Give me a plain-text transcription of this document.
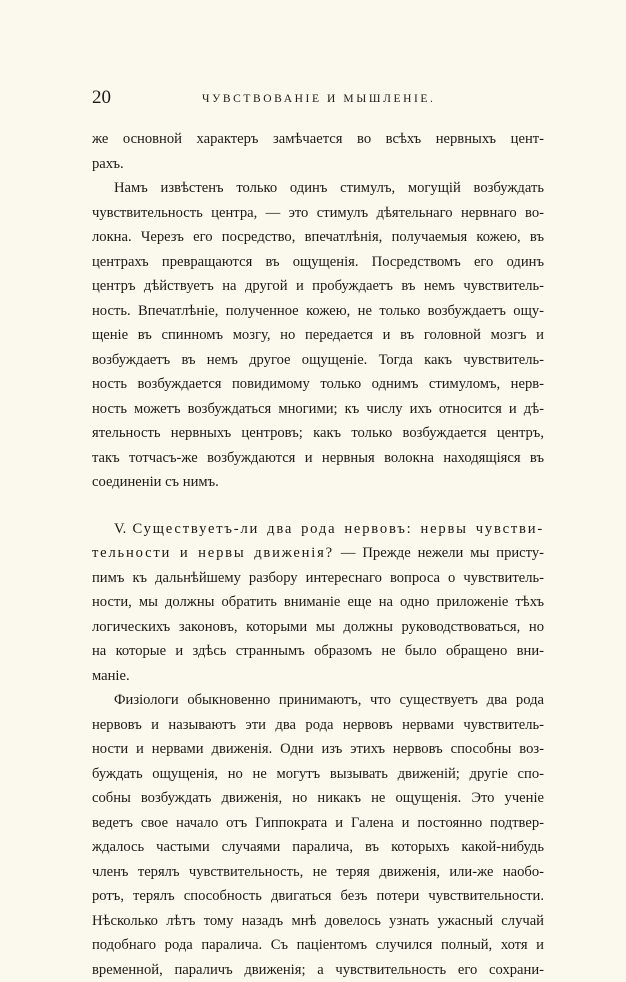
20	ЧУВСТВОВАНІЕ И МЫШЛЕНІЕ.
же основной характеръ замѣчается во всѣхъ нервныхъ цент-
рахъ.
Намъ извѣстенъ только одинъ стимулъ, могущій возбуждать
чувствительность центра, — это стимулъ дѣятельнаго нервнаго во-
локна. Черезъ его посредство, впечатлѣнія, получаемыя кожею, въ
центрахъ превращаются въ ощущенія. Посредствомъ его одинъ
центръ дѣйствуетъ на другой и пробуждаетъ въ немъ чувствитель-
ность. Впечатлѣніе, полученное кожею, не только возбуждаетъ ощу-
щеніе въ спинномъ мозгу, но передается и въ головной мозгъ и
возбуждаетъ въ немъ другое ощущеніе. Тогда какъ чувствитель-
ность возбуждается повидимому только однимъ стимуломъ, нерв-
ность можетъ возбуждаться многими; къ числу ихъ относится и дѣ-
ятельность нервныхъ центровъ; какъ только возбуждается центръ,
такъ тотчасъ-же возбуждаются и нервныя волокна находящіяся въ
соединеніи съ нимъ.
V. Существуетъ-ли два рода нервовъ: нервы чувстви-
тельности и нервы движенія? — Прежде нежели мы присту-
пимъ къ дальнѣйшему разбору интереснаго вопроса о чувствитель-
ности, мы должны обратить вниманіе еще на одно приложеніе тѣхъ
логическихъ законовъ, которыми мы должны руководствоваться, но
на которые и здѣсь страннымъ образомъ не было обращено вни-
маніе.
Физіологи обыкновенно принимаютъ, что существуетъ два рода
нервовъ и называютъ эти два рода нервовъ нервами чувствитель-
ности и нервами движенія. Одни изъ этихъ нервовъ способны воз-
буждать ощущенія, но не могутъ вызывать движеній; другіе спо-
собны возбуждать движенія, но никакъ не ощущенія. Это ученіе
ведетъ свое начало отъ Гиппократа и Галена и постоянно подтвер-
ждалось частыми случаями паралича, въ которыхъ какой-нибудь
членъ терялъ чувствительность, не теряя движенія, или-же наобо-
ротъ, терялъ способность двигаться безъ потери чувствительности.
Нѣсколько лѣтъ тому назадъ мнѣ довелось узнать ужасный случай
подобнаго рода паралича. Съ паціентомъ случился полный, хотя и
временной, параличъ движенія; а чувствительность его сохрани-
